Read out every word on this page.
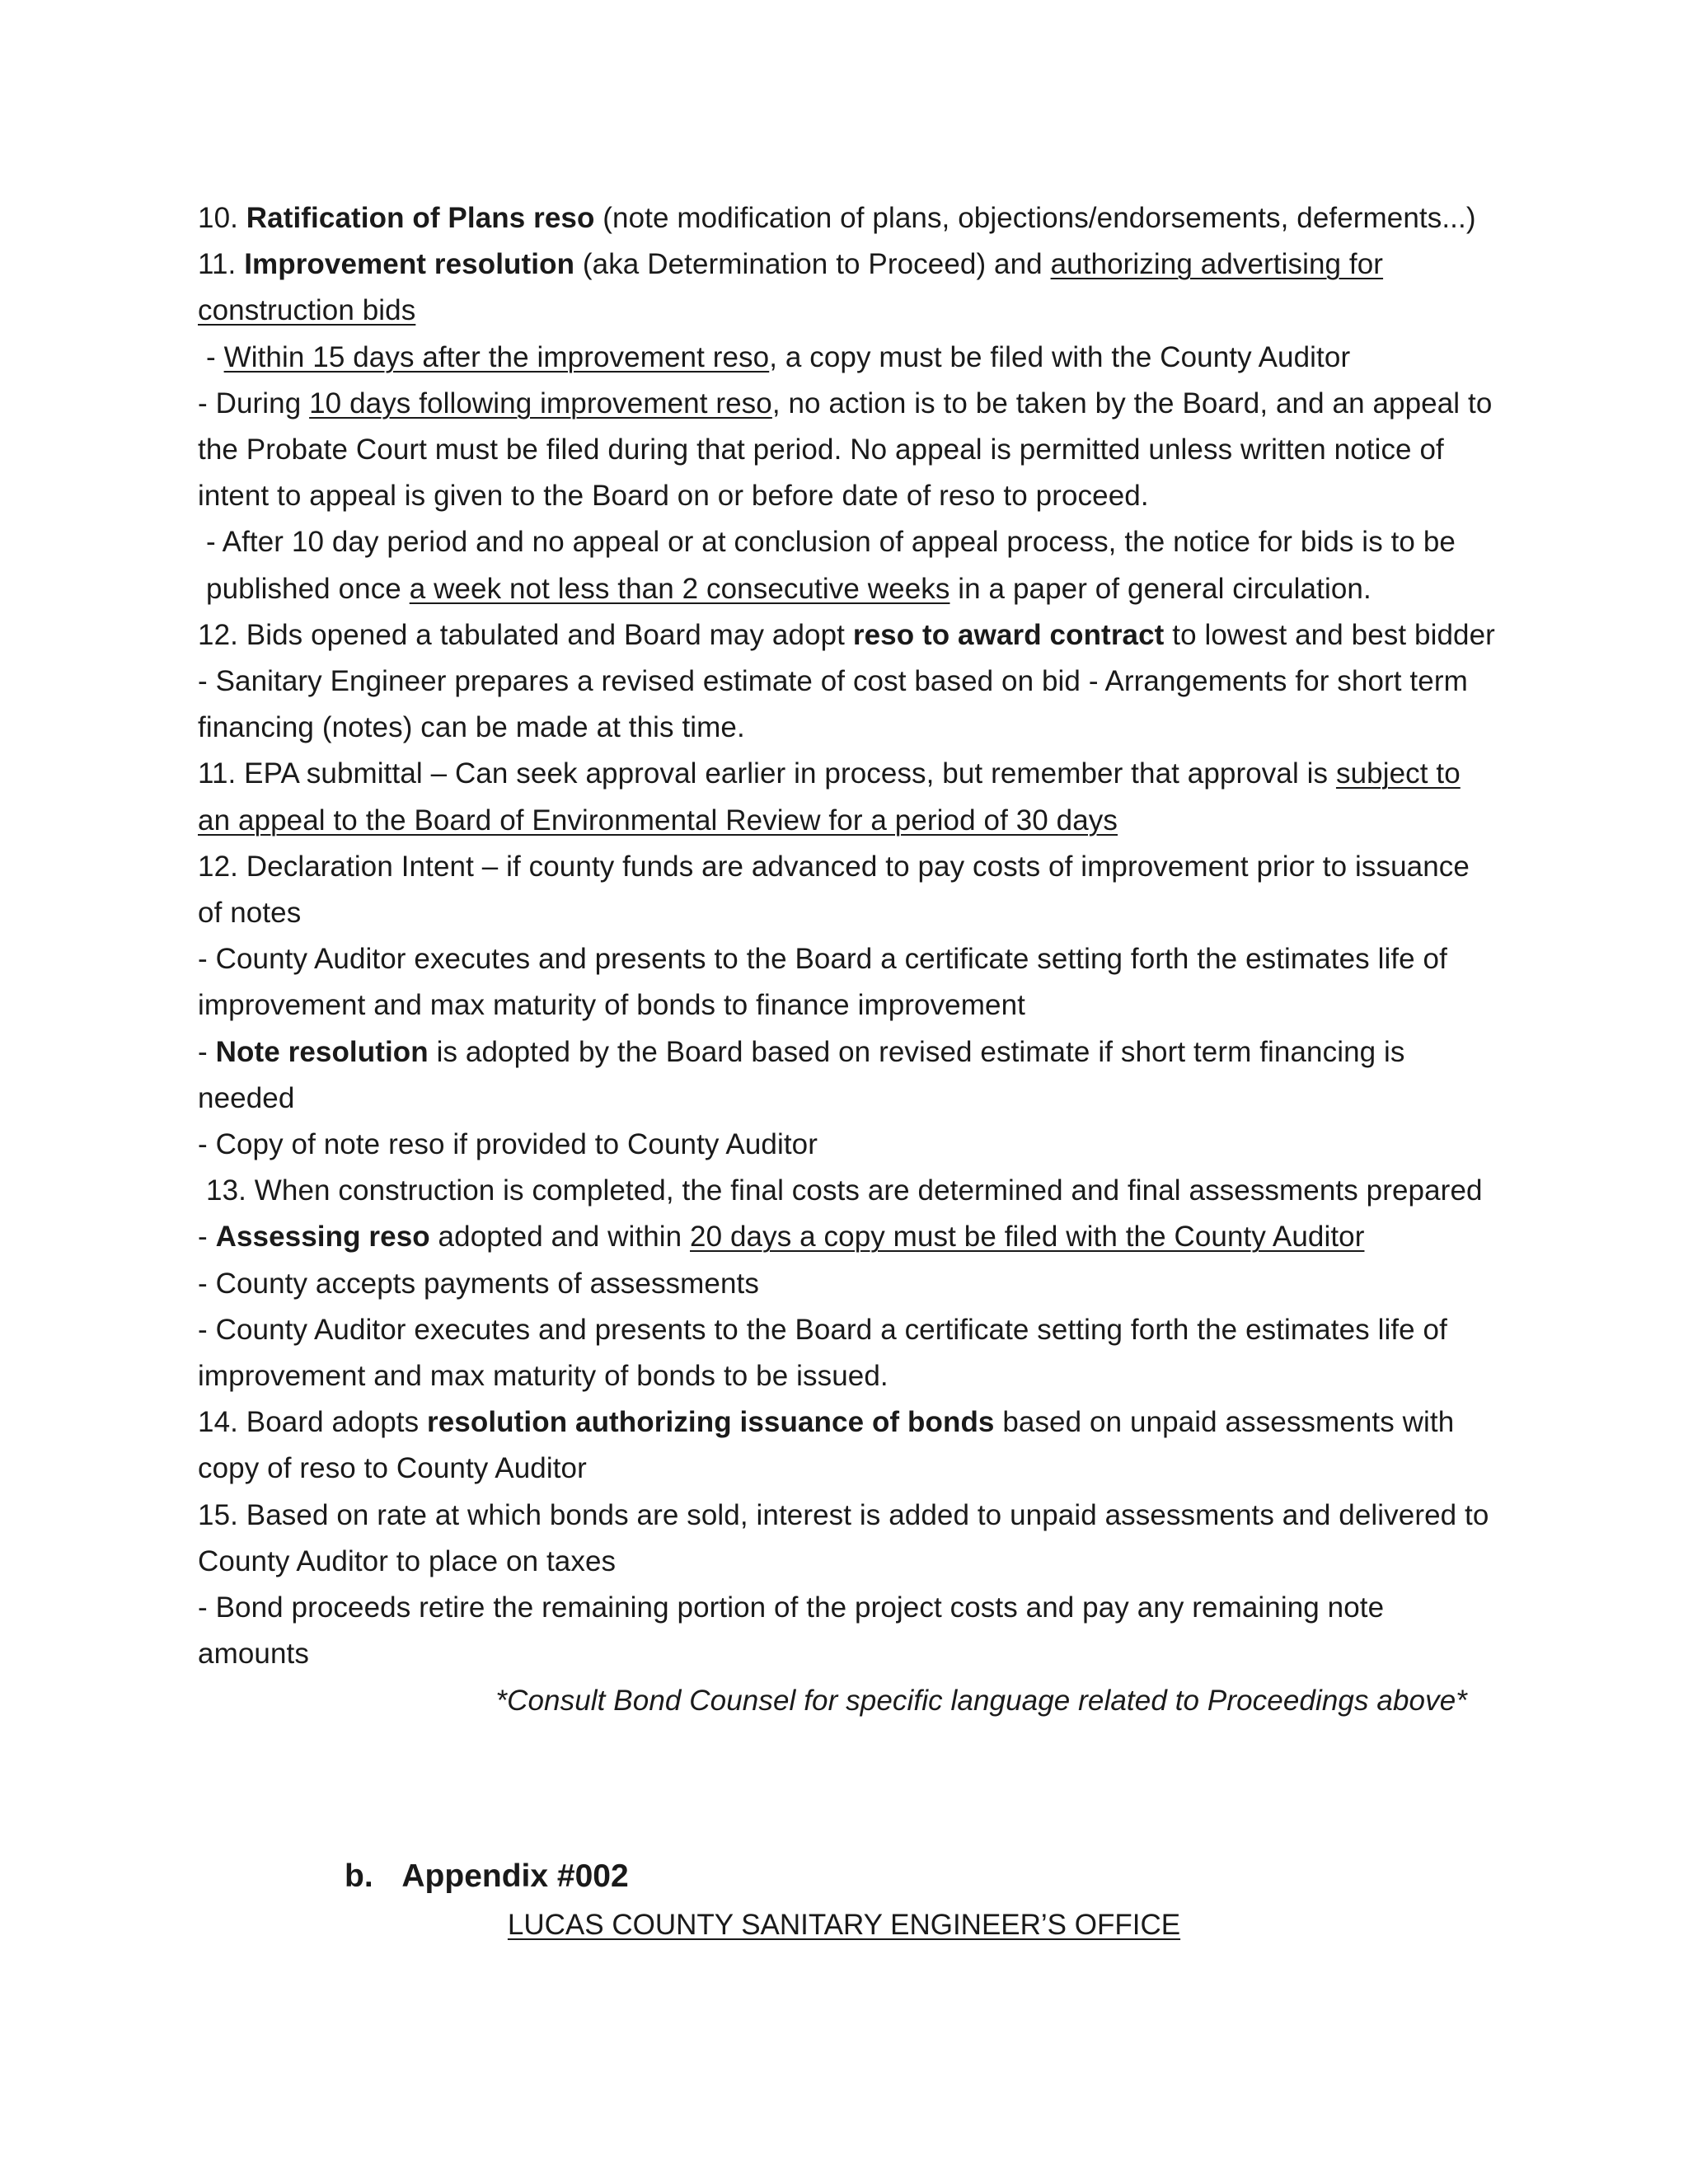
10. Ratification of Plans reso (note modification of plans, objections/endorsements, deferments...)

11. Improvement resolution (aka Determination to Proceed) and authorizing advertising for construction bids

- Within 15 days after the improvement reso, a copy must be filed with the County Auditor

- During 10 days following improvement reso, no action is to be taken by the Board, and an appeal to the Probate Court must be filed during that period. No appeal is permitted unless written notice of intent to appeal is given to the Board on or before date of reso to proceed.

- After 10 day period and no appeal or at conclusion of appeal process, the notice for bids is to be published once a week not less than 2 consecutive weeks in a paper of general circulation.

12. Bids opened a tabulated and Board may adopt reso to award contract to lowest and best bidder - Sanitary Engineer prepares a revised estimate of cost based on bid - Arrangements for short term financing (notes) can be made at this time.

11. EPA submittal – Can seek approval earlier in process, but remember that approval is subject to an appeal to the Board of Environmental Review for a period of 30 days

12. Declaration Intent – if county funds are advanced to pay costs of improvement prior to issuance of notes

- County Auditor executes and presents to the Board a certificate setting forth the estimates life of improvement and max maturity of bonds to finance improvement

- Note resolution is adopted by the Board based on revised estimate if short term financing is needed

- Copy of note reso if provided to County Auditor

13. When construction is completed, the final costs are determined and final assessments prepared

- Assessing reso adopted and within 20 days a copy must be filed with the County Auditor

- County accepts payments of assessments

- County Auditor executes and presents to the Board a certificate setting forth the estimates life of improvement and max maturity of bonds to be issued.

14. Board adopts resolution authorizing issuance of bonds based on unpaid assessments with copy of reso to County Auditor

15. Based on rate at which bonds are sold, interest is added to unpaid assessments and delivered to County Auditor to place on taxes

- Bond proceeds retire the remaining portion of the project costs and pay any remaining note amounts

*Consult Bond Counsel for specific language related to Proceedings above*

b. Appendix #002

LUCAS COUNTY SANITARY ENGINEER’S OFFICE
